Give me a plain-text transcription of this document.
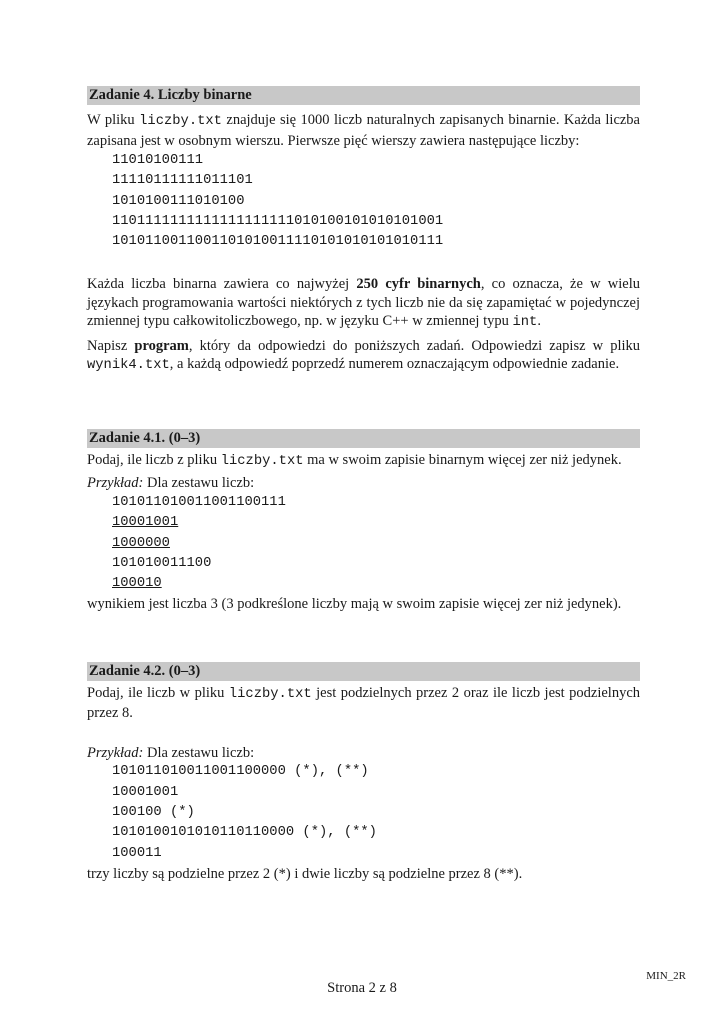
Zadanie 4. Liczby binarne

W pliku liczby.txt znajduje się 1000 liczb naturalnych zapisanych binarnie. Każda liczba zapisana jest w osobnym wierszu. Pierwsze pięć wierszy zawiera następujące liczby:

11010100111
11110111111011101
1010100111010100
1101111111111111111111010100101010101001
1010110011001101010011110101010101010111

Każda liczba binarna zawiera co najwyżej 250 cyfr binarnych, co oznacza, że w wielu językach programowania wartości niektórych z tych liczb nie da się zapamiętać w pojedynczej zmiennej typu całkowitoliczbowego, np. w języku C++ w zmiennej typu int.

Napisz program, który da odpowiedzi do poniższych zadań. Odpowiedzi zapisz w pliku wynik4.txt, a każdą odpowiedź poprzedź numerem oznaczającym odpowiednie zadanie.

Zadanie 4.1. (0–3)

Podaj, ile liczb z pliku liczby.txt ma w swoim zapisie binarnym więcej zer niż jedynek.

Przykład: Dla zestawu liczb:

101011010011001100111
10001001
1000000
101010011100
100010

wynikiem jest liczba 3 (3 podkreślone liczby mają w swoim zapisie więcej zer niż jedynek).

Zadanie 4.2. (0–3)

Podaj, ile liczb w pliku liczby.txt jest podzielnych przez 2 oraz ile liczb jest podzielnych przez 8.

Przykład: Dla zestawu liczb:

101011010011001100000 (*), (**)
10001001
100100 (*)
1010100101010110110000 (*), (**)
100011

trzy liczby są podzielne przez 2 (*) i dwie liczby są podzielne przez 8 (**).

MIN_2R
Strona 2 z 8
